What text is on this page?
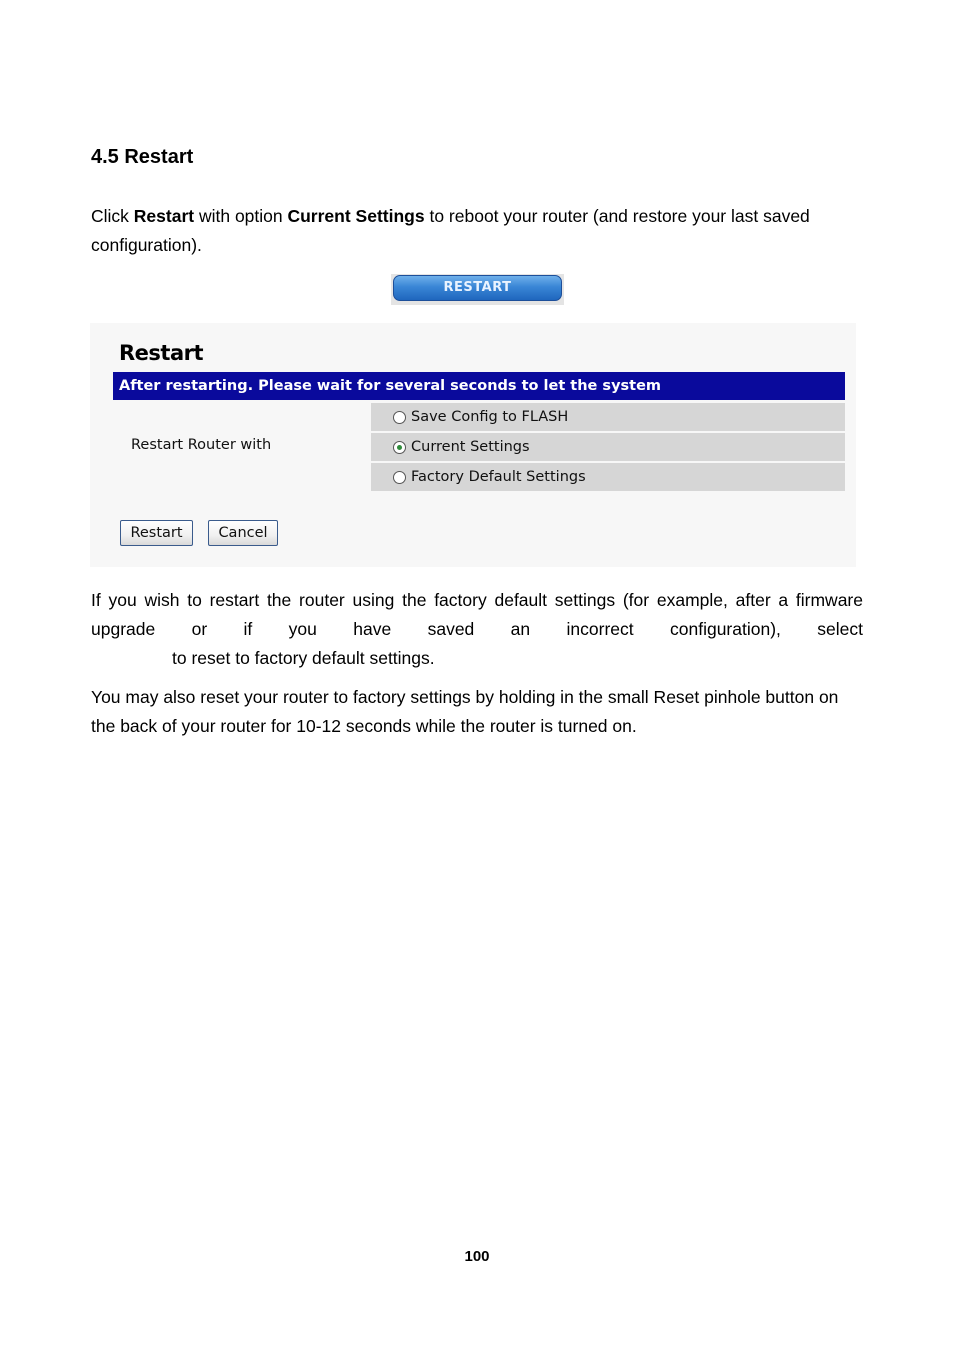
4.5 Restart
Click Restart with option Current Settings to reboot your router (and restore your last saved configuration).
RESTART
Restart
After restarting. Please wait for several seconds to let the system
Restart Router with
Save Config to FLASH
Current Settings
Factory Default Settings
Restart	Cancel
If you wish to restart the router using the factory default settings (for example, after a firmware upgrade or if you have saved an incorrect configuration), select
to reset to factory default settings.
You may also reset your router to factory settings by holding in the small Reset pinhole button on the back of your router for 10-12 seconds while the router is turned on.
100
